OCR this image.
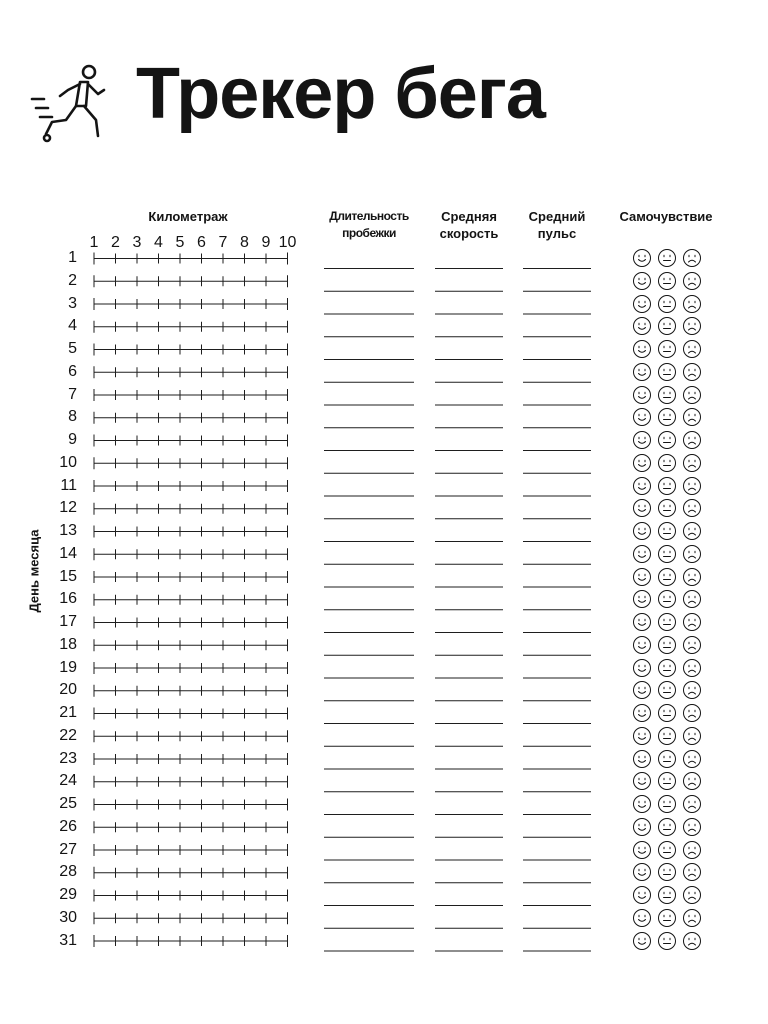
Трекер бега
Километраж	Длительность пробежки
Средняя скорость
Средний пульс
Самочувствие
1 2 3 4 5 6 7 8 9 10
День месяца
1
2
3
4
5
6
7
8
9
10
11
12
13
14
15
16
17
18
19
20
21
22
23
24
25
26
27
28
29
30
31
